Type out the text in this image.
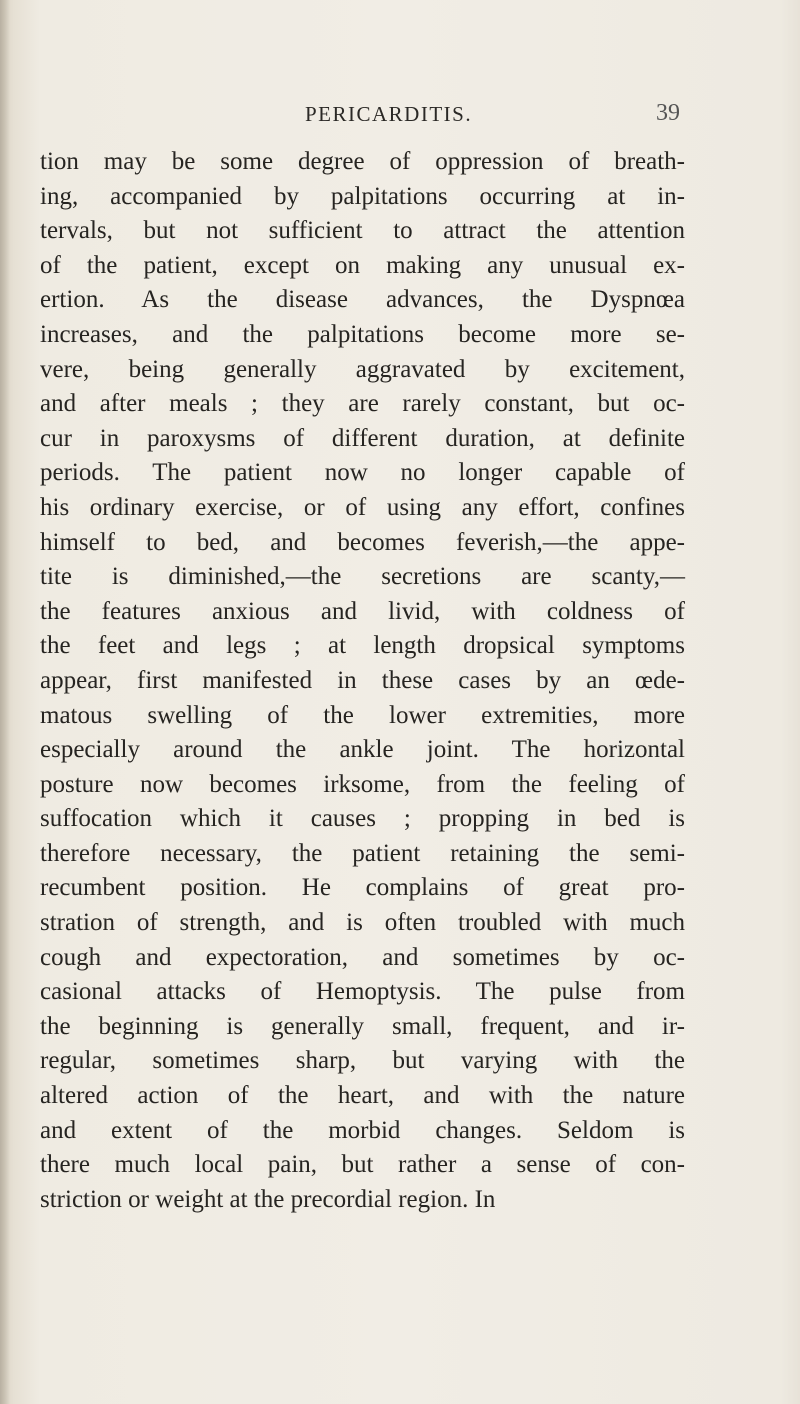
PERICARDITIS.	39
tion may be some degree of oppression of breath-
ing, accompanied by palpitations occurring at in-
tervals, but not sufficient to attract the attention
of the patient, except on making any unusual ex-
ertion. As the disease advances, the Dyspnœa
increases, and the palpitations become more se-
vere, being generally aggravated by excitement,
and after meals ; they are rarely constant, but oc-
cur in paroxysms of different duration, at definite
periods. The patient now no longer capable of
his ordinary exercise, or of using any effort, confines
himself to bed, and becomes feverish,—the appe-
tite is diminished,—the secretions are scanty,—
the features anxious and livid, with coldness of
the feet and legs ; at length dropsical symptoms
appear, first manifested in these cases by an œde-
matous swelling of the lower extremities, more
especially around the ankle joint. The horizontal
posture now becomes irksome, from the feeling of
suffocation which it causes ; propping in bed is
therefore necessary, the patient retaining the semi-
recumbent position. He complains of great pro-
stration of strength, and is often troubled with much
cough and expectoration, and sometimes by oc-
casional attacks of Hemoptysis. The pulse from
the beginning is generally small, frequent, and ir-
regular, sometimes sharp, but varying with the
altered action of the heart, and with the nature
and extent of the morbid changes. Seldom is
there much local pain, but rather a sense of con-
striction or weight at the precordial region. In
